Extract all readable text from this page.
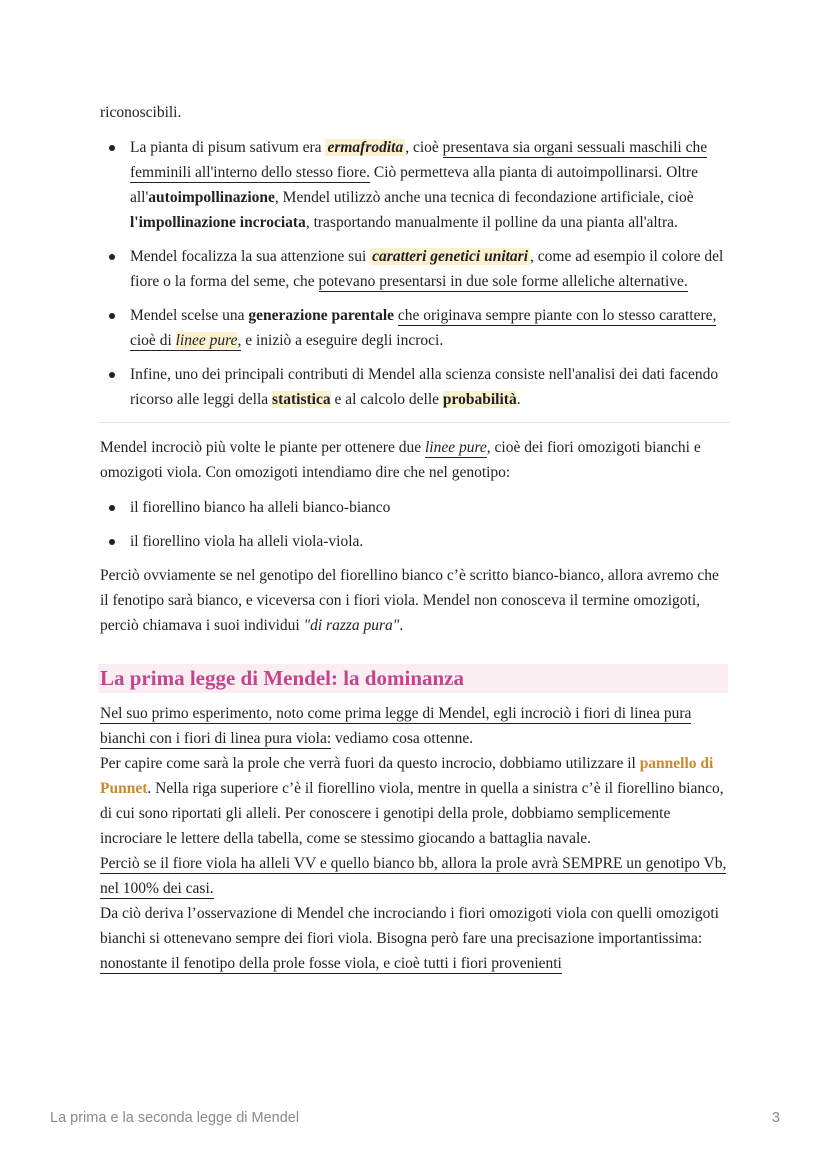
riconoscibili.

La pianta di pisum sativum era ermafrodita , cioè presentava sia organi sessuali maschili che femminili all'interno dello stesso fiore. Ciò permetteva alla pianta di autoimpollinarsi. Oltre all'autoimpollinazione, Mendel utilizzò anche una tecnica di fecondazione artificiale, cioè l'impollinazione incrociata, trasportando manualmente il polline da una pianta all'altra.
Mendel focalizza la sua attenzione sui caratteri genetici unitari , come ad esempio il colore del fiore o la forma del seme, che potevano presentarsi in due sole forme alleliche alternative.
Mendel scelse una generazione parentale che originava sempre piante con lo stesso carattere, cioè di linee pure, e iniziò a eseguire degli incroci.
Infine, uno dei principali contributi di Mendel alla scienza consiste nell'analisi dei dati facendo ricorso alle leggi della statistica e al calcolo delle probabilità.

Mendel incrociò più volte le piante per ottenere due linee pure, cioè dei fiori omozigoti bianchi e omozigoti viola. Con omozigoti intendiamo dire che nel genotipo:

il fiorellino bianco ha alleli bianco-bianco
il fiorellino viola ha alleli viola-viola.

Perciò ovviamente se nel genotipo del fiorellino bianco c’è scritto bianco-bianco, allora avremo che il fenotipo sarà bianco, e viceversa con i fiori viola. Mendel non conosceva il termine omozigoti, perciò chiamava i suoi individui "di razza pura".

La prima legge di Mendel: la dominanza

Nel suo primo esperimento, noto come prima legge di Mendel, egli incrociò i fiori di linea pura bianchi con i fiori di linea pura viola: vediamo cosa ottenne.
Per capire come sarà la prole che verrà fuori da questo incrocio, dobbiamo utilizzare il pannello di Punnet. Nella riga superiore c’è il fiorellino viola, mentre in quella a sinistra c’è il fiorellino bianco, di cui sono riportati gli alleli. Per conoscere i genotipi della prole, dobbiamo semplicemente incrociare le lettere della tabella, come se stessimo giocando a battaglia navale.
Perciò se il fiore viola ha alleli VV e quello bianco bb, allora la prole avrà SEMPRE un genotipo Vb, nel 100% dei casi.
Da ciò deriva l’osservazione di Mendel che incrociando i fiori omozigoti viola con quelli omozigoti bianchi si ottenevano sempre dei fiori viola. Bisogna però fare una precisazione importantissima: nonostante il fenotipo della prole fosse viola, e cioè tutti i fiori provenienti

La prima e la seconda legge di Mendel	3
